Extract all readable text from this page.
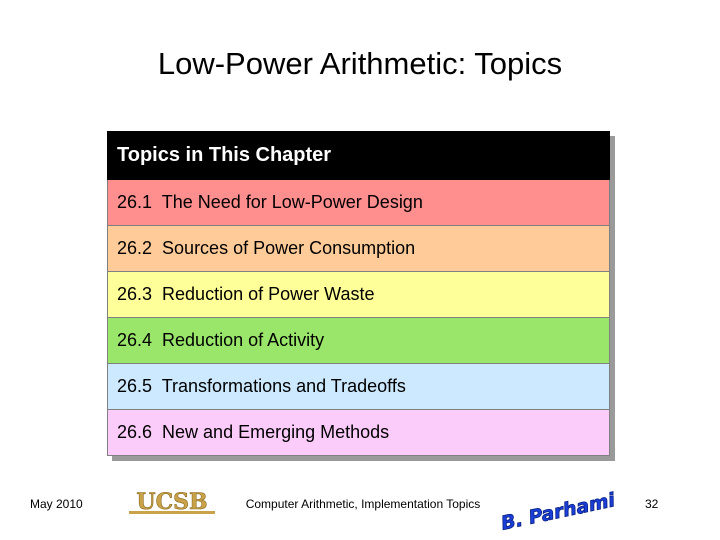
Low-Power Arithmetic: Topics
Topics in This Chapter
26.1  The Need for Low-Power Design
26.2  Sources of Power Consumption
26.3  Reduction of Power Waste
26.4  Reduction of Activity
26.5  Transformations and Tradeoffs
26.6  New and Emerging Methods
May 2010 UCSB	Computer Arithmetic, Implementation Topics B. Parhami 32
